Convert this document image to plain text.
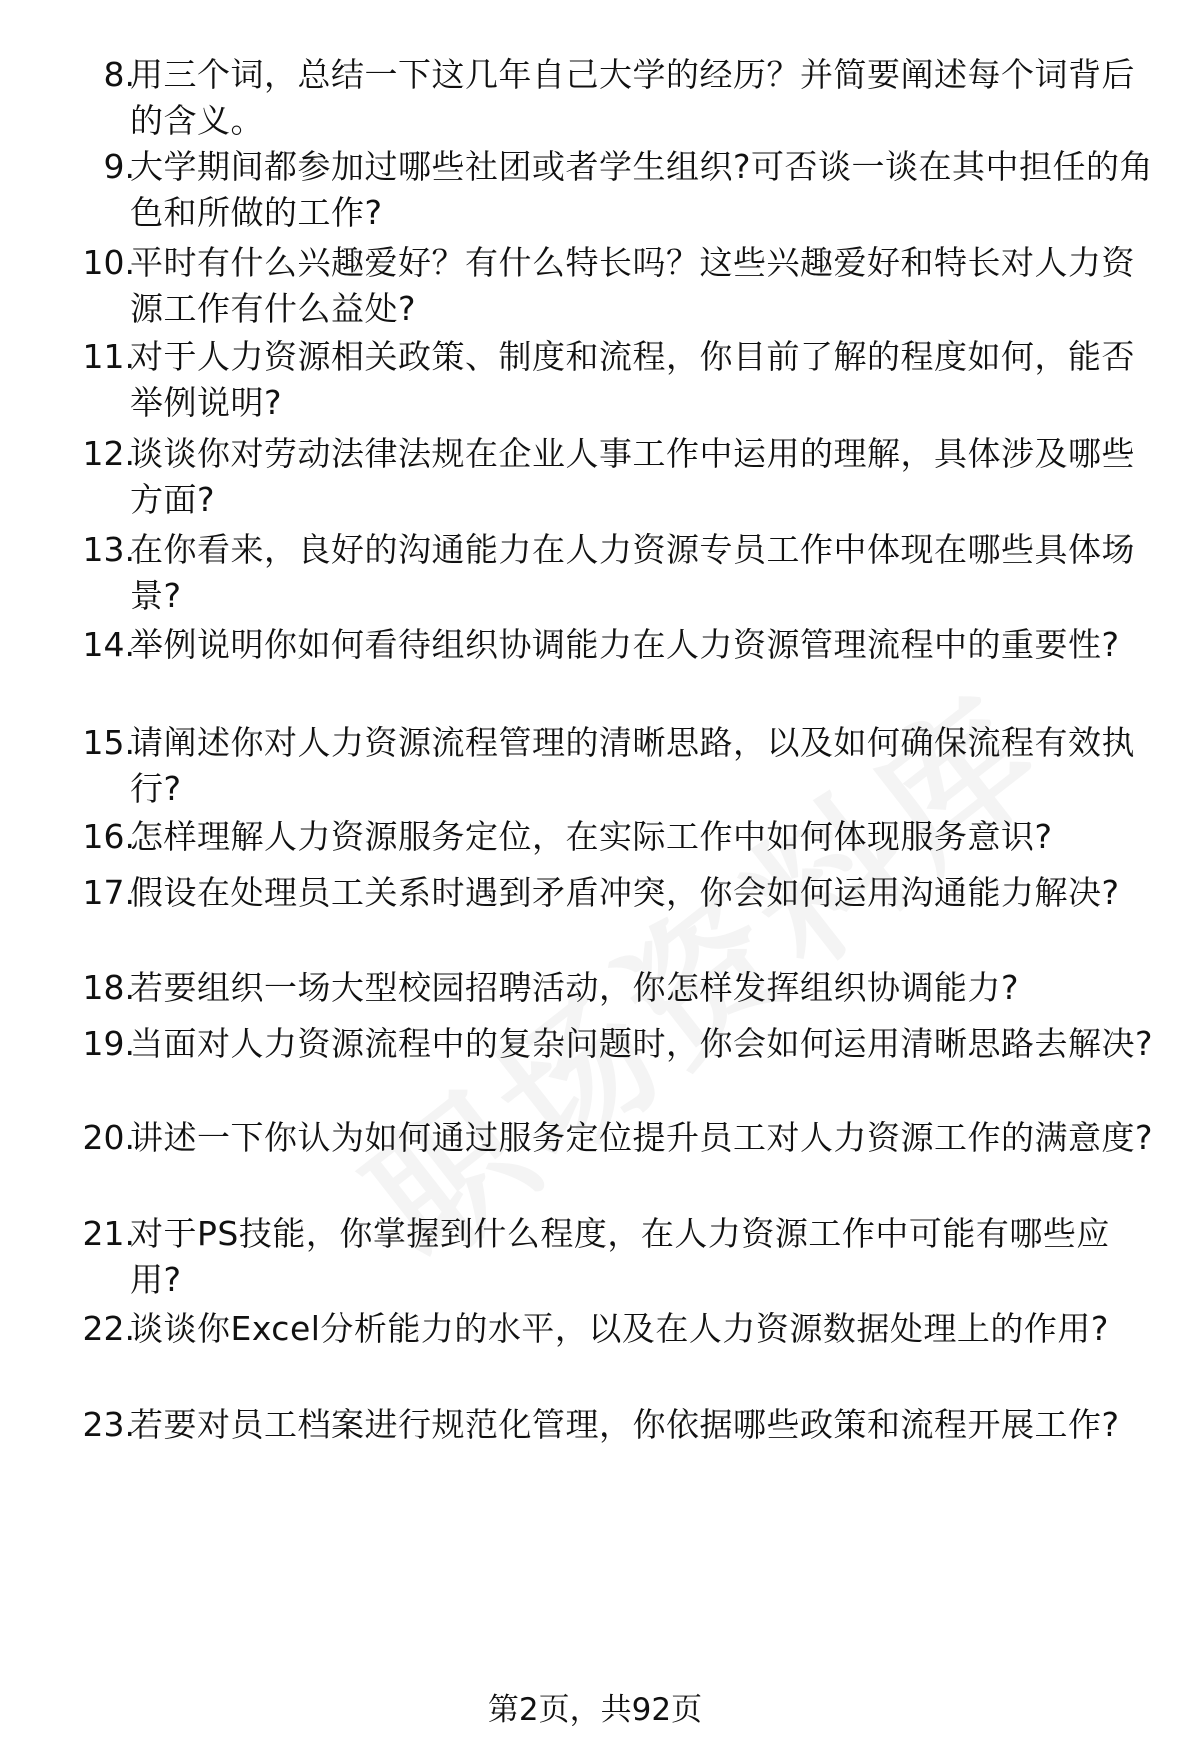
8.
用三个词，总结一下这几年自己大学的经历？并简要阐述每个词背后的含义。
9.
大学期间都参加过哪些社团或者学生组织?可否谈一谈在其中担任的角色和所做的工作?
10.
平时有什么兴趣爱好？有什么特长吗？这些兴趣爱好和特长对人力资源工作有什么益处?
11.
对于人力资源相关政策、制度和流程，你目前了解的程度如何，能否举例说明?
12.
谈谈你对劳动法律法规在企业人事工作中运用的理解，具体涉及哪些方面?
13.
在你看来，良好的沟通能力在人力资源专员工作中体现在哪些具体场景?
14.
举例说明你如何看待组织协调能力在人力资源管理流程中的重要性?
15.
请阐述你对人力资源流程管理的清晰思路，以及如何确保流程有效执行?
16.
怎样理解人力资源服务定位，在实际工作中如何体现服务意识?
17.
假设在处理员工关系时遇到矛盾冲突，你会如何运用沟通能力解决?
18.
若要组织一场大型校园招聘活动，你怎样发挥组织协调能力?
19.
当面对人力资源流程中的复杂问题时，你会如何运用清晰思路去解决?
20.
讲述一下你认为如何通过服务定位提升员工对人力资源工作的满意度?
21.
对于PS技能，你掌握到什么程度，在人力资源工作中可能有哪些应用?
22.
谈谈你Excel分析能力的水平，以及在人力资源数据处理上的作用?
23.
若要对员工档案进行规范化管理，你依据哪些政策和流程开展工作?
第2页，共92页
